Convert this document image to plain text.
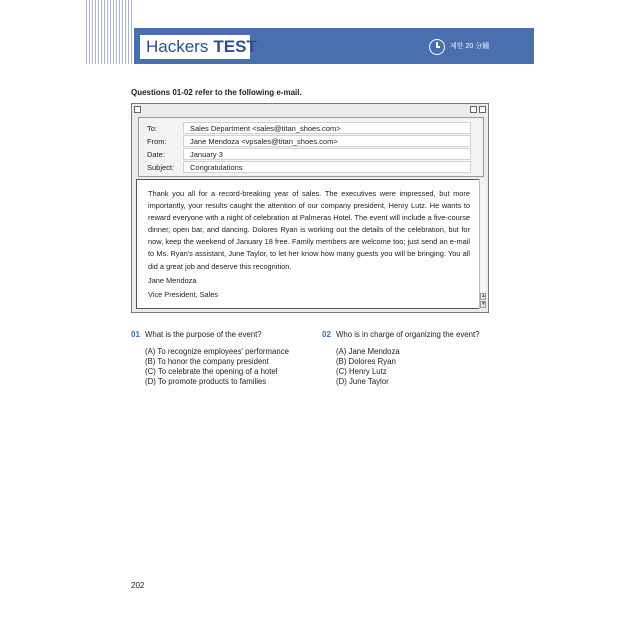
Hackers TEST	제한 20 分鐘
Questions 01-02 refer to the following e-mail.
To:	Sales Department <sales@titan_shoes.com>
From:	Jane Mendoza <vpsales@titan_shoes.com>
Date:	January 3
Subject: Congratulations

Thank you all for a record-breaking year of sales. The executives were impressed, but more importantly, your results caught the attention of our company president, Henry Lutz. He wants to reward everyone with a night of celebration at Palmeras Hotel. The event will include a five-course dinner, open bar, and dancing. Dolores Ryan is working out the details of the celebration, but for now, keep the weekend of January 18 free. Family members are welcome too; just send an e-mail to Ms. Ryan's assistant, June Taylor, to let her know how many guests you will be bringing. You all did a great job and deserve this recognition.

Jane Mendoza

Vice President, Sales	▲
▼
01 What is the purpose of the event?
(A) To recognize employees' performance
(B) To honor the company president
(C) To celebrate the opening of a hotel
(D) To promote products to families
02 Who is in charge of organizing the event?
(A) Jane Mendoza
(B) Dolores Ryan
(C) Henry Lutz
(D) June Taylor
202
